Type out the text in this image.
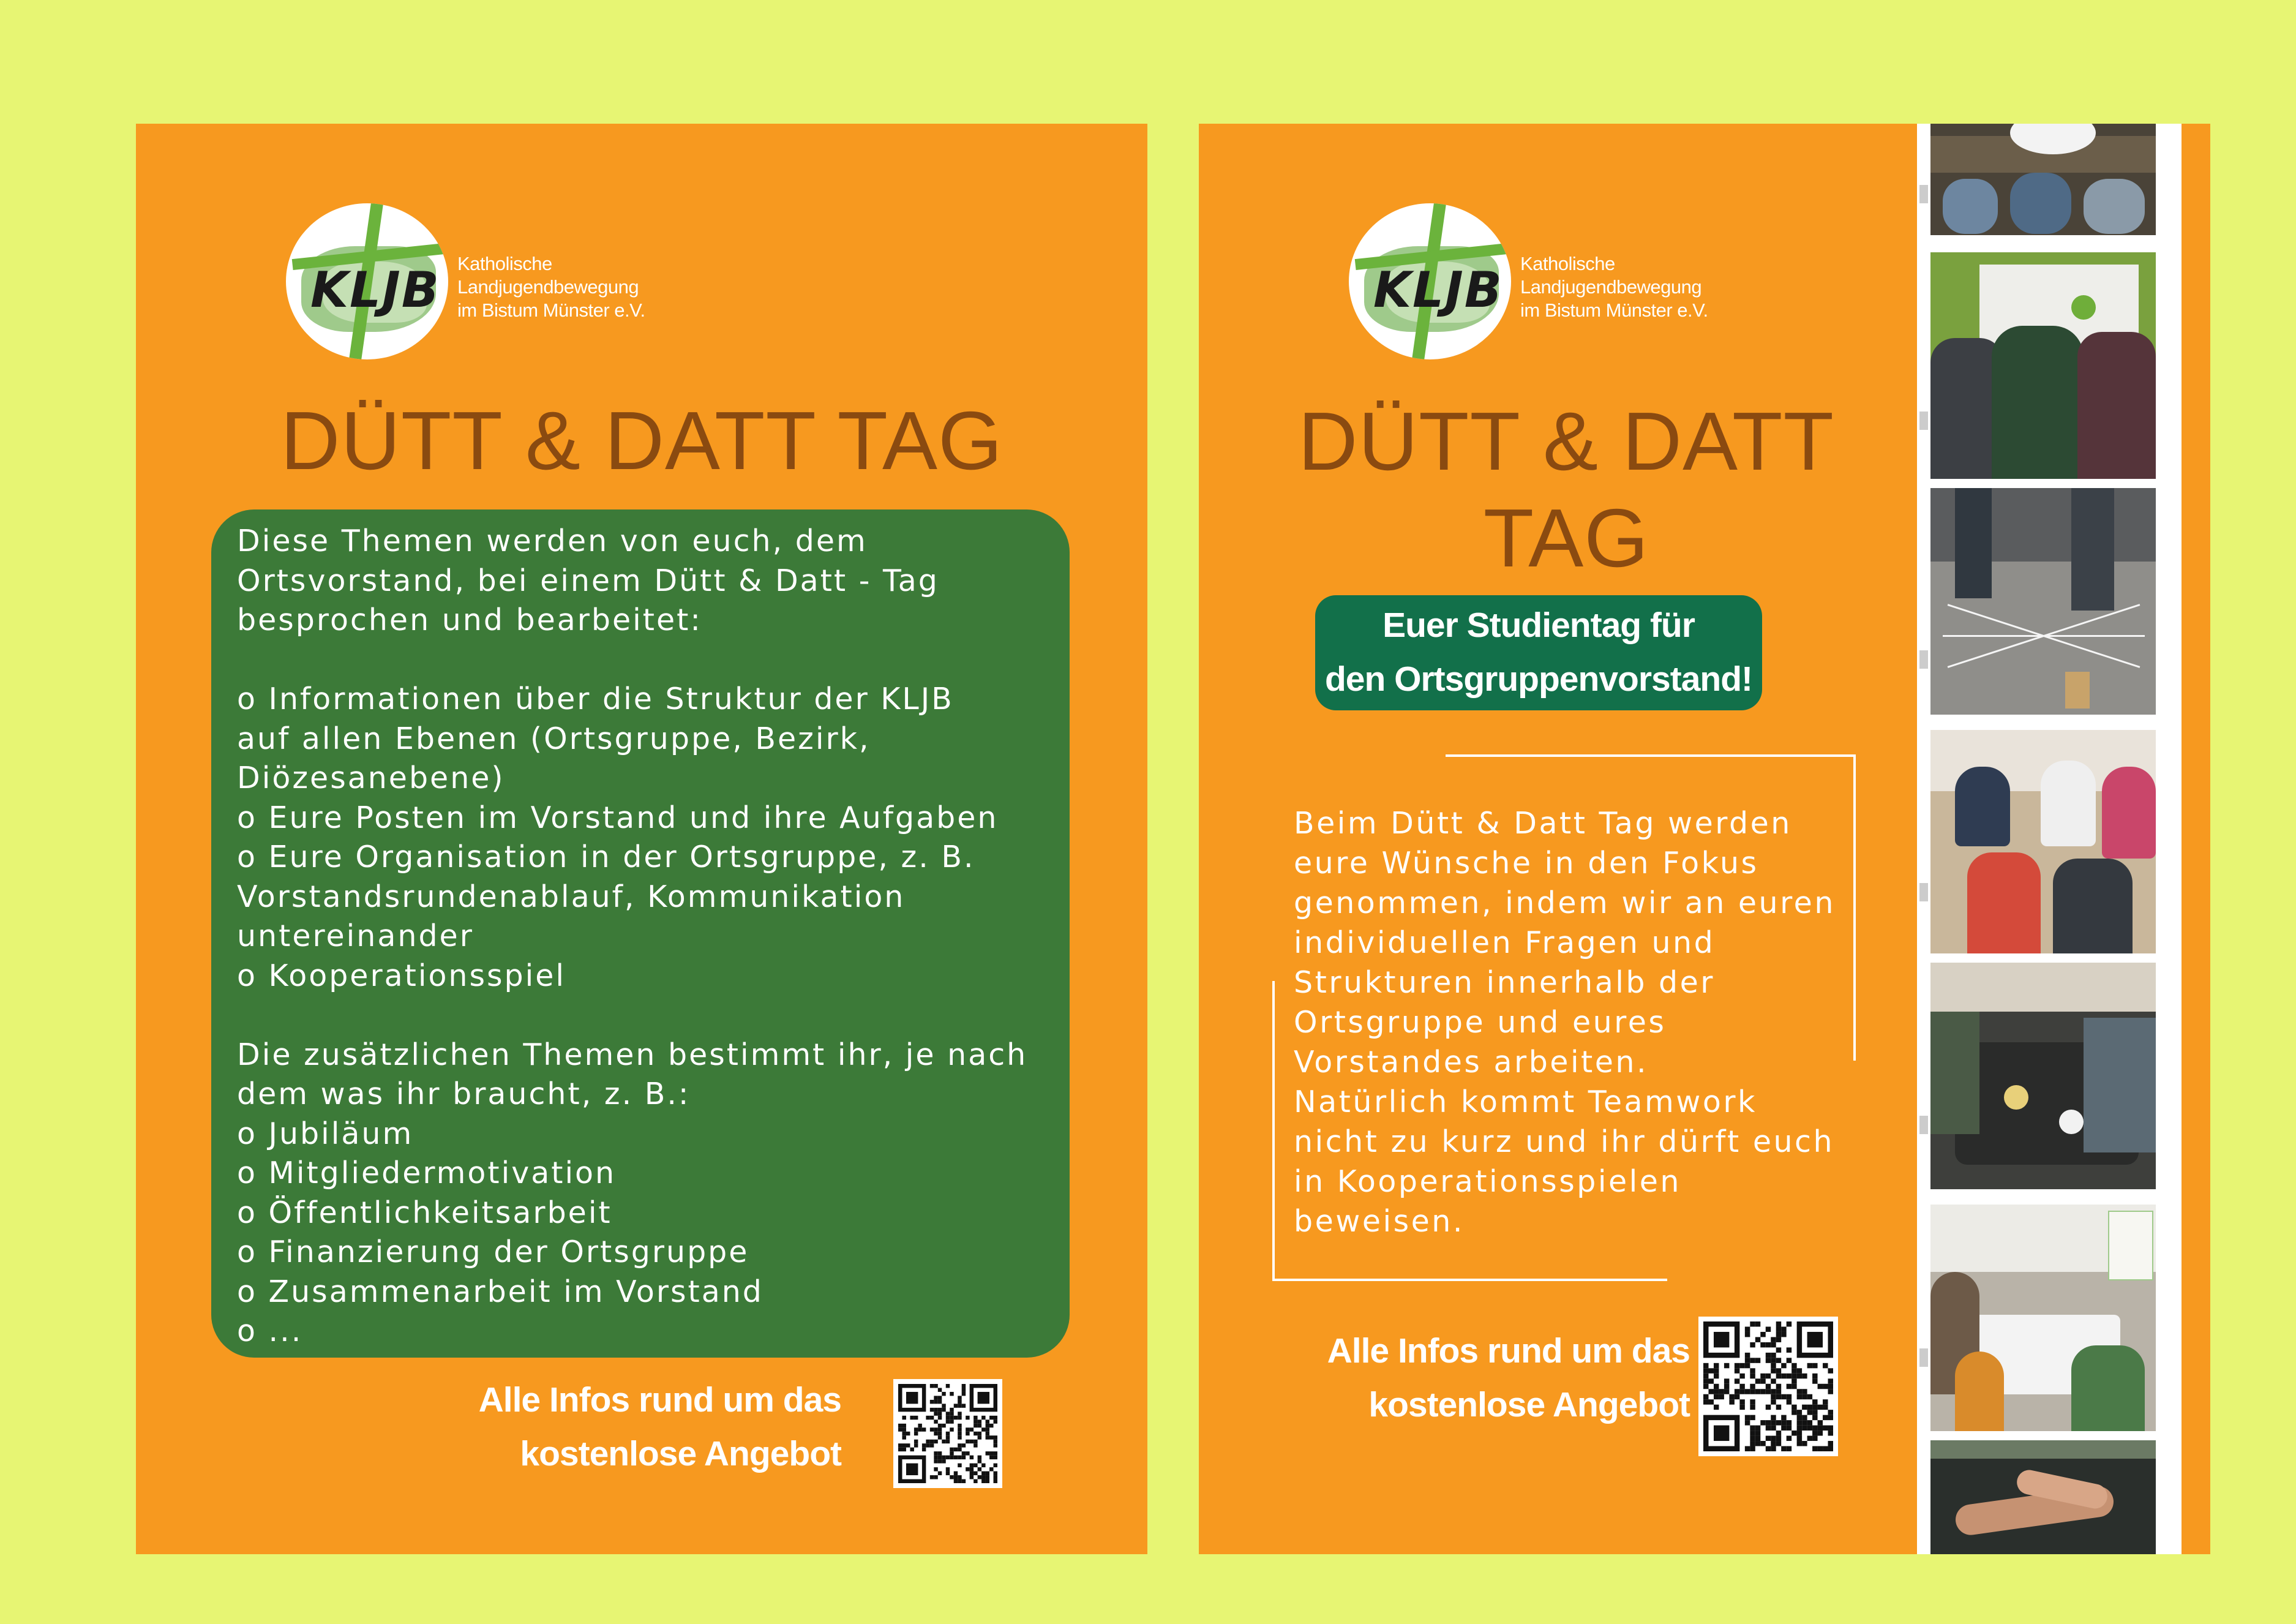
KLJB Katholische
Landjugendbewegung
im Bistum Münster e.V.
DÜTT & DATT TAG
Diese Themen werden von euch, dem
Ortsvorstand, bei einem Dütt & Datt - Tag
besprochen und bearbeitet:
o Informationen über die Struktur der KLJB
auf allen Ebenen (Ortsgruppe, Bezirk,
Diözesanebene)
o Eure Posten im Vorstand und ihre Aufgaben
o Eure Organisation in der Ortsgruppe, z. B.
Vorstandsrundenablauf, Kommunikation
untereinander
o Kooperationsspiel
Die zusätzlichen Themen bestimmt ihr, je nach
dem was ihr braucht, z. B.:
o Jubiläum
o Mitgliedermotivation
o Öffentlichkeitsarbeit
o Finanzierung der Ortsgruppe
o Zusammenarbeit im Vorstand
o ...
Alle Infos rund um das
kostenlose Angebot
KLJB Katholische
Landjugendbewegung
im Bistum Münster e.V.
DÜTT & DATT
TAG
Euer Studientag für
den Ortsgruppenvorstand!
Beim Dütt & Datt Tag werden
eure Wünsche in den Fokus
genommen, indem wir an euren
individuellen Fragen und
Strukturen innerhalb der
Ortsgruppe und eures
Vorstandes arbeiten.
Natürlich kommt Teamwork
nicht zu kurz und ihr dürft euch
in Kooperationsspielen
beweisen.
Alle Infos rund um das
kostenlose Angebot
